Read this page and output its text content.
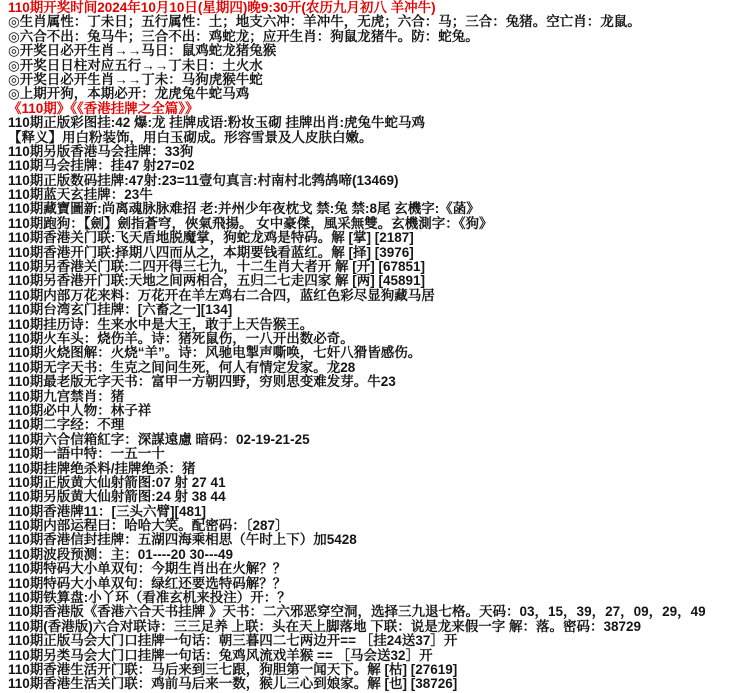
110期开奖时间2024年10月10日(星期四)晚9:30开(农历九月初八 羊冲牛)
◎生肖属性：丁未日；五行属性：土；地支六冲：羊冲牛，无虎；六合：马；三合：兔猪。空亡肖：龙鼠。
◎六合不出：兔马牛；三合不出：鸡蛇龙；应开生肖：狗鼠龙猪牛。防：蛇兔。
◎开奖日必开生肖→→马日：鼠鸡蛇龙猪兔猴
◎开奖日日柱对应五行→→丁未日：土火水
◎开奖日必开生肖→→丁未：马狗虎猴牛蛇
◎上期开狗，本期必开：龙虎兔牛蛇马鸡
《110期》《《香港挂牌之全篇》》
110期正版彩图挂:42 爆:龙 挂牌成语:粉妆玉砌 挂牌出肖:虎兔牛蛇马鸡
【释义】用白粉装饰，用白玉砌成。形容雪景及人皮肤白嫩。
110期另版香港马会挂牌：33狗
110期马会挂牌：挂47 射27=02
110期正版数码挂牌:47射:23=11壹句真言:村南村北鹁鸪啼(13469)
110期蓝天玄挂牌：23牛
110期藏寶圖新:尚离魂脉脉难招 老:并州少年夜枕戈 禁:兔 禁:8尾 玄機字:《菡》
110期跑狗：【劍】劍指蒼穹，俠氣飛揚。 女中豪傑，風采無雙。玄機測字：《狗》
110期香港关门联:飞天盾地脱魔掌，狗蛇龙鸡是特码。解 [掌] [2187]
110期香港开门联:择期八四而从之，本期要钱看蓝红。解 [择] [3976]
110期另香港关门联:二四开得三七九，十二生肖大者开 解 [开] [67851]
110期另香港开门联:天地之间两相合，五归二七走四家 解 [两] [45891]
110期内部万花来料：万花开在羊左鸡右二合四，蓝红色彩尽显狗藏马居
110期台湾玄门挂牌：[六畜之一][134]
110期挂历诗：生来水中是大王，敢于上天告猴王。
110期火车头：烧伤羊。诗：猪死鼠伤，一八开出数必奇。
110期火烧图解：火烧“羊”。诗：风驰电掣声嘶唤，七奸八猾皆感伤。
110期无字天书：生克之间问生死，何人有情定发家。龙28
110期最老版无字天书：富甲一方朝四野，穷则思变难发芽。牛23
110期九宫禁肖：猪
110期必中人物：林子祥
110期二字经：不理
110期六合信箱紅字：深謀遠慮 暗码：02-19-21-25
110期一語中特：一五一十
110期挂牌绝杀料/挂牌绝杀：猪
110期正版黄大仙射箭图:07 射 27 41
110期另版黄大仙射箭图:24 射 38 44
110期香港牌11：[三头六臂][481]
110期内部运程曰：哈哈大笑。配密码：〔287〕
110期香港信封挂牌：五湖四海乘相思（午时上下）加5428
110期波段预测：主：01----20 30---49
110期特码大小单双句：今期生肖出在火解？？
110期特码大小单双句：绿红还要选特码解？？
110期铁算盘:小丫环（看准玄机来投注）开：？
110期香港版《香港六合天书挂牌 》天书：二六邪恶穿空洞，选择三九退七格。天码：03，15，39，27，09，29，49
110期(香港版)六合对联诗：三三足养 上联：头在天上脚落地 下联：说是龙来假一字 解：落。密码：38729
110期正版马会大门口挂牌一句话：朝三暮四二七两边开== ［挂24送37］开
110期另类马会大门口挂牌一句话：兔鸡风流戏羊猴 == ［马会送32］开
110期香港生活开门联：马后来到三七跟，狗胆第一闻天下。解 [枯] [27619]
110期香港生活关门联：鸡前马后来一数，猴儿三心到娘家。解 [也] [38726]
